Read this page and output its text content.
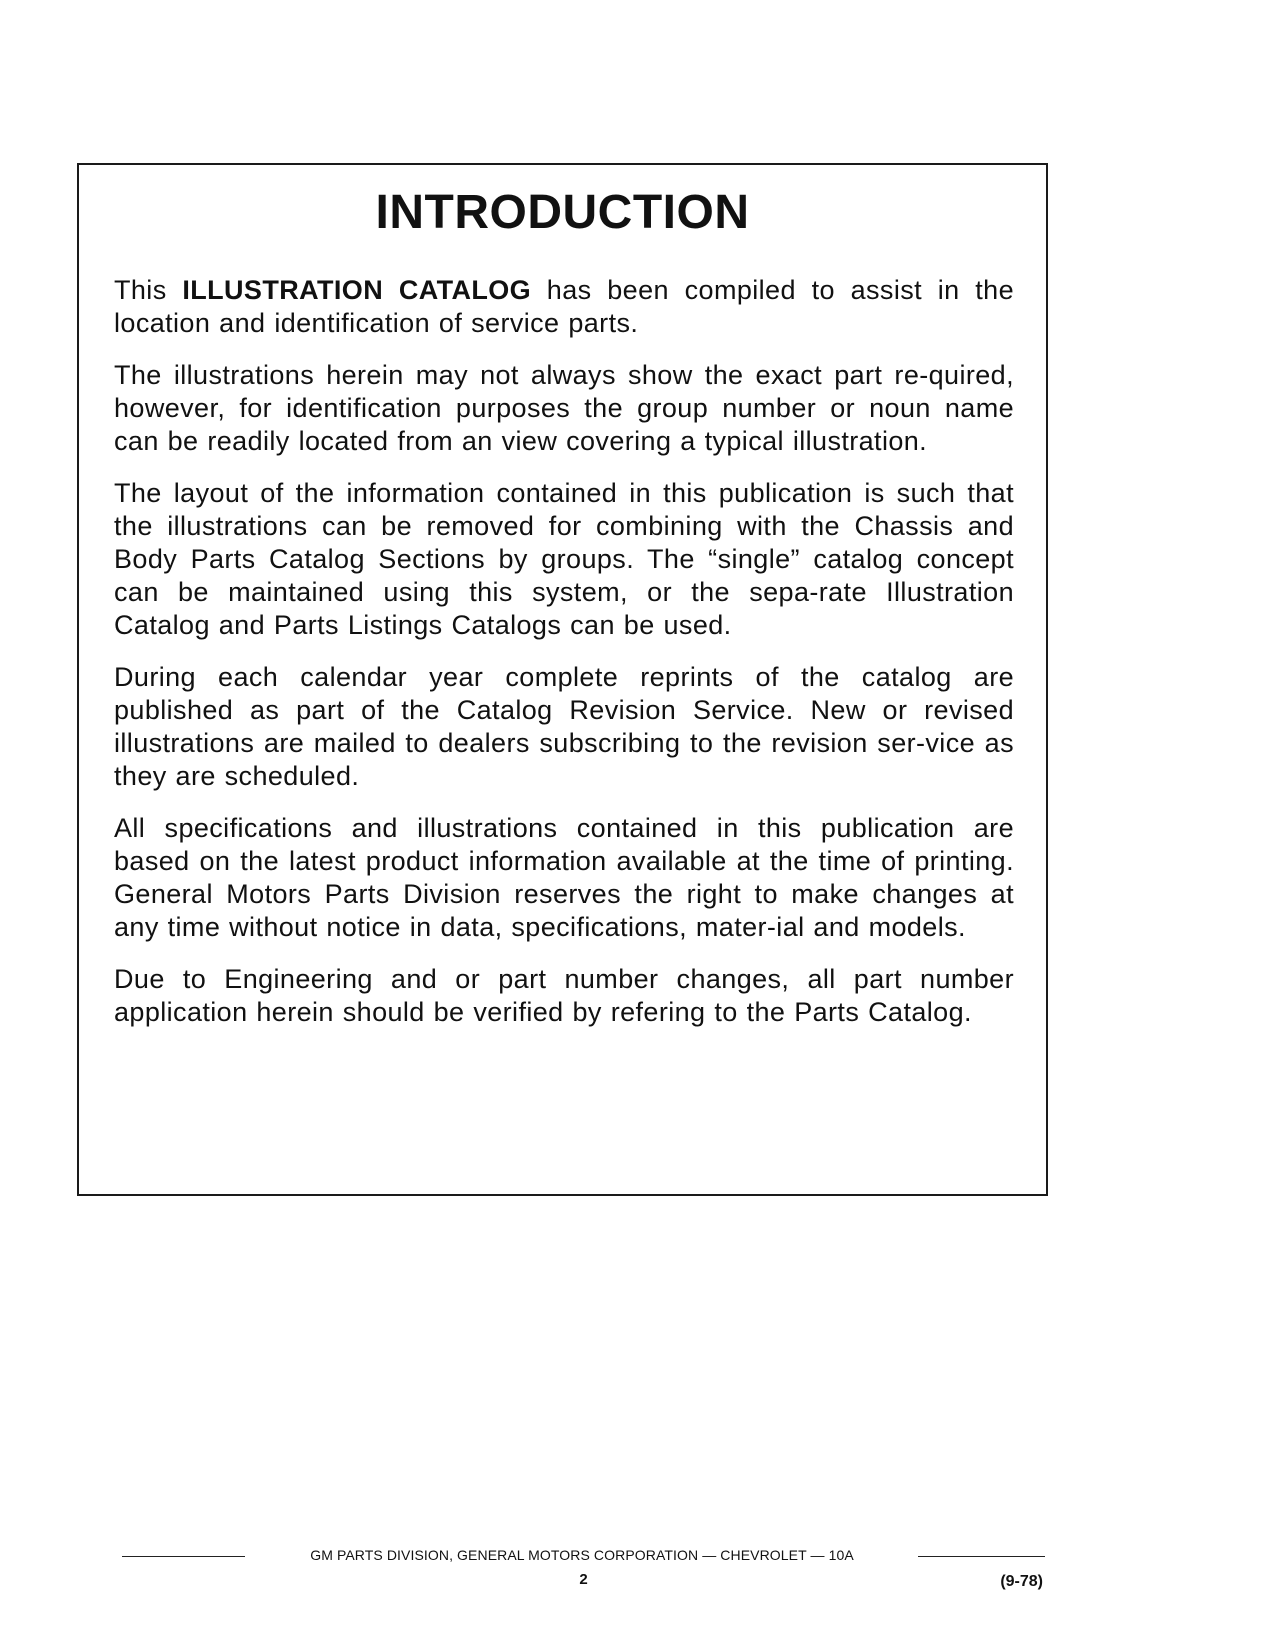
INTRODUCTION

This ILLUSTRATION CATALOG has been compiled to assist in the location and identification of service parts.

The illustrations herein may not always show the exact part re-quired, however, for identification purposes the group number or noun name can be readily located from an view covering a typical illustration.

The layout of the information contained in this publication is such that the illustrations can be removed for combining with the Chassis and Body Parts Catalog Sections by groups. The “single” catalog concept can be maintained using this system, or the sepa-rate Illustration Catalog and Parts Listings Catalogs can be used.

During each calendar year complete reprints of the catalog are published as part of the Catalog Revision Service. New or revised illustrations are mailed to dealers subscribing to the revision ser-vice as they are scheduled.

All specifications and illustrations contained in this publication are based on the latest product information available at the time of printing. General Motors Parts Division reserves the right to make changes at any time without notice in data, specifications, mater-ial and models.

Due to Engineering and or part number changes, all part number application herein should be verified by refering to the Parts Catalog.

GM PARTS DIVISION, GENERAL MOTORS CORPORATION — CHEVROLET — 10A
2	(9-78)
